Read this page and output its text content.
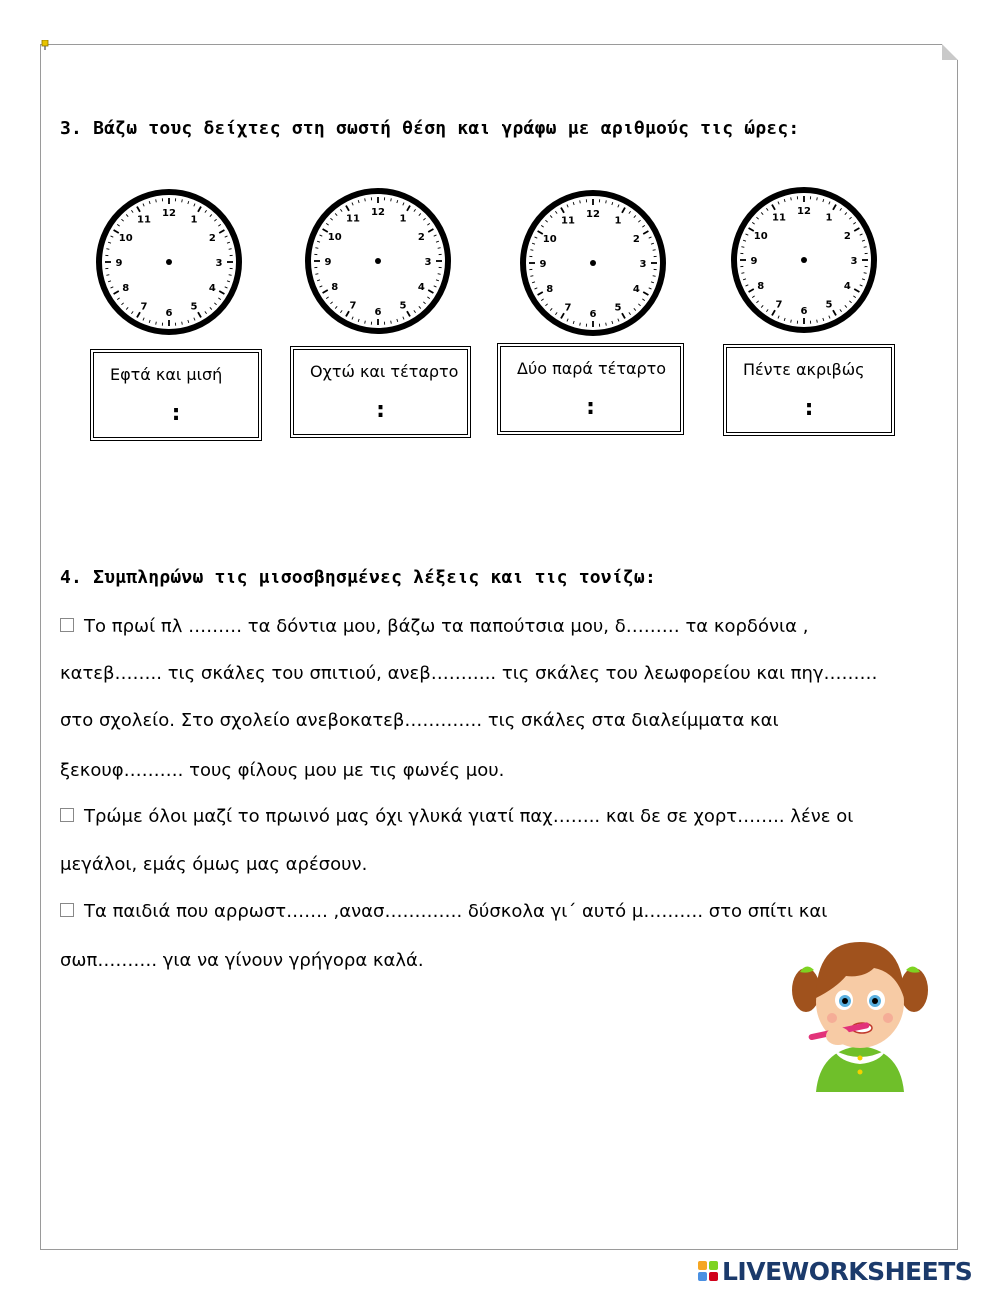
3. Βάζω τους δείχτες στη σωστή θέση και γράφω με αριθμούς τις ώρες:
12
1
2
3
4
5
6
7
8
9
10
11
12
1
2
3
4
5
6
7
8
9
10
11	12
1
2
3
4
5
6
7
8
9
10
11
12
1
2
3
4
5
6
7
8
9
10
11
Εφτά και μισή
:
Οχτώ και τέταρτο
:
Δύο παρά τέταρτο
:
Πέντε ακριβώς
:
4. Συμπληρώνω τις μισοσβησμένες λέξεις και τις τονίζω:
Το πρωί πλ ……… τα δόντια μου, βάζω τα παπούτσια μου, δ……… τα κορδόνια ,
κατεβ…….. τις σκάλες του σπιτιού, ανεβ……….. τις σκάλες του λεωφορείου και πηγ………
στο σχολείο. Στο σχολείο ανεβοκατεβ…………. τις σκάλες στα διαλείμματα και
ξεκουφ………. τους φίλους μου με τις φωνές μου.
Τρώμε όλοι μαζί το πρωινό μας όχι γλυκά γιατί παχ…….. και δε σε χορτ…….. λένε οι
μεγάλοι, εμάς όμως μας αρέσουν.
Τα παιδιά που αρρωστ……. ,ανασ…………. δύσκολα γι΄ αυτό μ………. στο σπίτι και
σωπ………. για να γίνουν γρήγορα καλά.
LIVEWORKSHEETS
